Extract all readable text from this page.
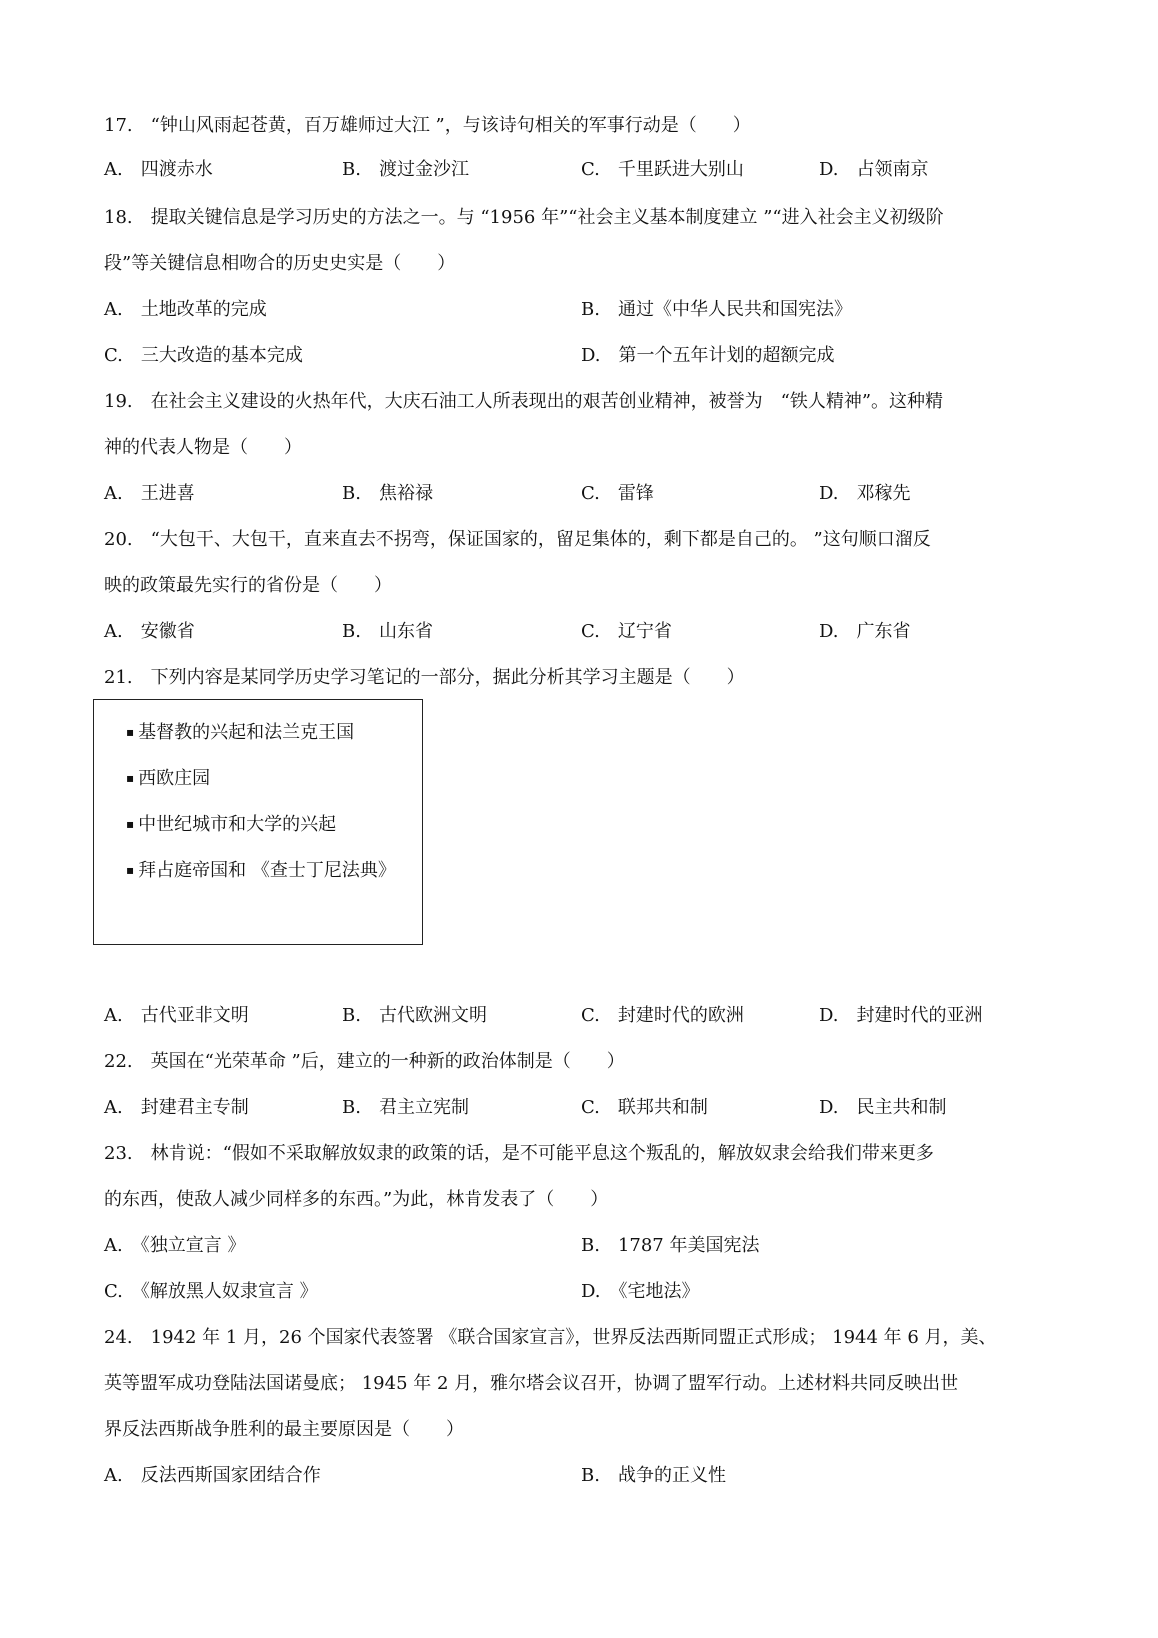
17.　“钟山风雨起苍黄，百万雄师过大江 ”，与该诗句相关的军事行动是（　　）
A.　四渡赤水	B.　渡过金沙江	C.　千里跃进大别山	D.　占领南京
18.　提取关键信息是学习历史的方法之一。与 “1956 年”“社会主义基本制度建立 ”“进入社会主义初级阶
段”等关键信息相吻合的历史史实是（　　）
A.　土地改革的完成	B.　通过《中华人民共和国宪法》
C.　三大改造的基本完成	D.　第一个五年计划的超额完成
19.　在社会主义建设的火热年代，大庆石油工人所表现出的艰苦创业精神，被誉为　“铁人精神”。这种精
神的代表人物是（　　）
A.　王进喜	B.　焦裕禄	C.　雷锋	D.　邓稼先
20.　“大包干、大包干，直来直去不拐弯，保证国家的，留足集体的，剩下都是自己的。 ”这句顺口溜反
映的政策最先实行的省份是（　　）
A.　安徽省	B.　山东省	C.　辽宁省	D.　广东省
21.　下列内容是某同学历史学习笔记的一部分，据此分析其学习主题是（　　）
▪ 基督教的兴起和法兰克王国
▪ 西欧庄园
▪ 中世纪城市和大学的兴起
▪ 拜占庭帝国和 《查士丁尼法典》
A.　古代亚非文明	B.　古代欧洲文明	C.　封建时代的欧洲	D.　封建时代的亚洲
22.　英国在“光荣革命 ”后，建立的一种新的政治体制是（　　）
A.　封建君主专制	B.　君主立宪制	C.　联邦共和制	D.　民主共和制
23.　林肯说：“假如不采取解放奴隶的政策的话，是不可能平息这个叛乱的，解放奴隶会给我们带来更多
的东西，使敌人减少同样多的东西。”为此，林肯发表了（　　）
A.　《独立宣言 》	B.　1787 年美国宪法
C.　《解放黑人奴隶宣言 》	D.　《宅地法》
24.　1942 年 1 月，26 个国家代表签署 《联合国家宣言》，世界反法西斯同盟正式形成； 1944 年 6 月，美、
英等盟军成功登陆法国诺曼底； 1945 年 2 月，雅尔塔会议召开，协调了盟军行动。上述材料共同反映出世
界反法西斯战争胜利的最主要原因是（　　）
A.　反法西斯国家团结合作	B.　战争的正义性
